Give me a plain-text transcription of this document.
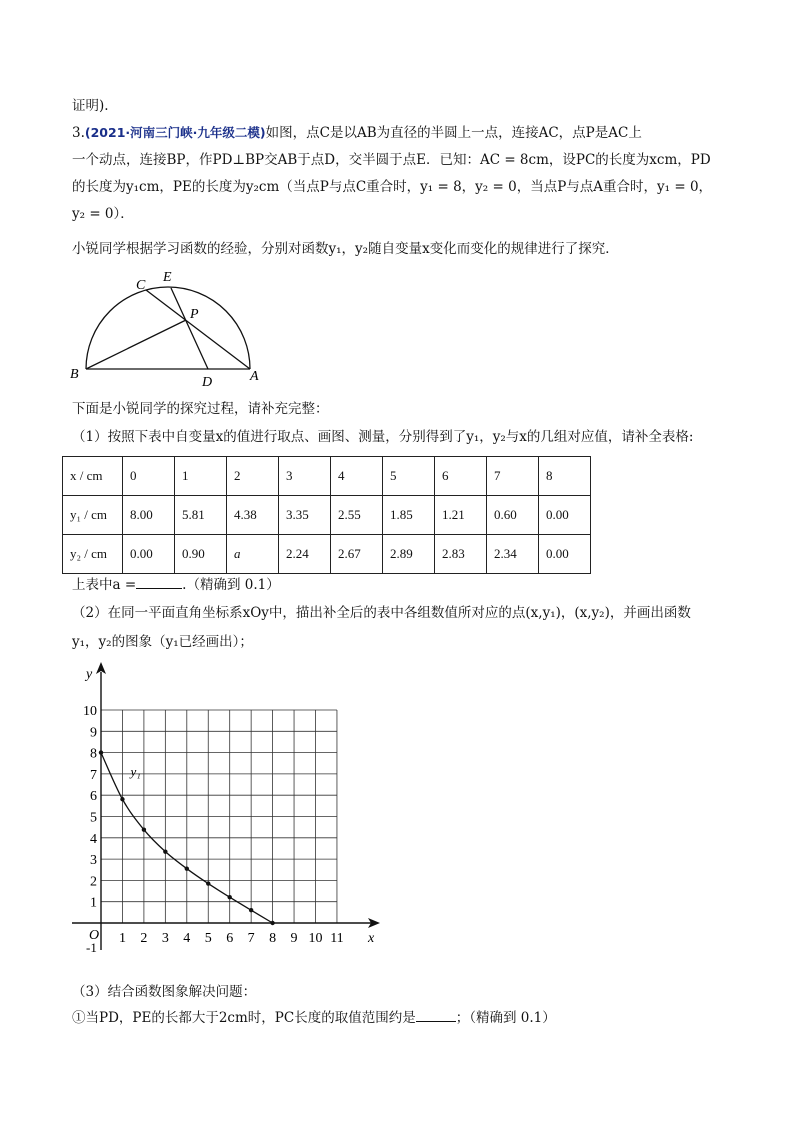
证明).
3.(2021·河南三门峡·九年级二模)如图，点C是以AB为直径的半圆上一点，连接AC，点P是AC上
一个动点，连接BP，作PD⊥BP交AB于点D，交半圆于点E．已知：AC = 8cm，设PC的长度为xcm，PD
的长度为y₁cm，PE的长度为y₂cm（当点P与点C重合时，y₁ = 8，y₂ = 0，当点P与点A重合时，y₁ = 0，
y₂ = 0）．
小锐同学根据学习函数的经验，分别对函数y₁，y₂随自变量x变化而变化的规律进行了探究．
C
E
P
B
D	A
下面是小锐同学的探究过程，请补充完整：
（1）按照下表中自变量x的值进行取点、画图、测量，分别得到了y₁，y₂与x的几组对应值，请补全表格:
x / cm	0	1	2	3	4	5	6	7	8
y₁ / cm	8.00	5.81	4.38	3.35	2.55	1.85	1.21	0.60	0.00
y₂ / cm	0.00	0.90	a	2.24	2.67	2.89	2.83	2.34	0.00
上表中a =	.（精确到 0.1）
（2）在同一平面直角坐标系xOy中，描出补全后的表中各组数值所对应的点(x,y₁)，(x,y₂)，并画出函数
y₁，y₂的图象（y₁已经画出）；
x
y
O
-1
1 2 3 4 5 6 7 8 9 10 11
1
2
3
4
5
6
7
8
9
10
y₁
（3）结合函数图象解决问题：
①当PD，PE的长都大于2cm时，PC长度的取值范围约是	；（精确到 0.1）
